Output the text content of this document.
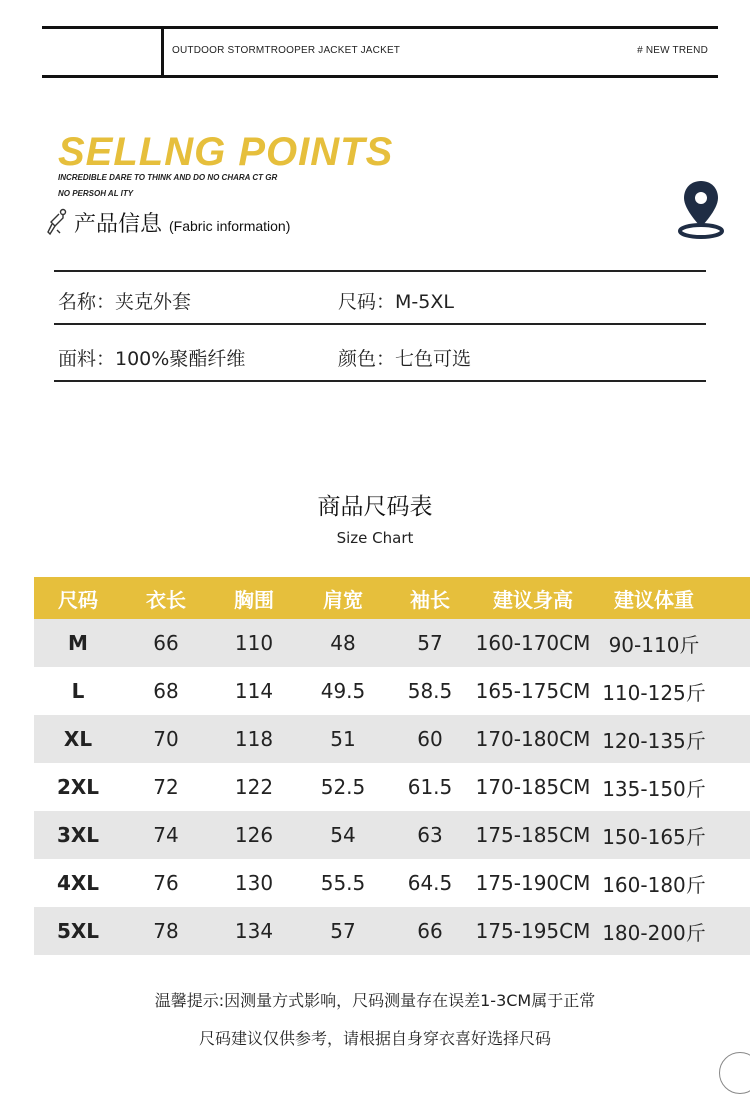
OUTDOOR STORMTROOPER JACKET JACKET	# NEW TREND
SELLNG POINTS
INCREDIBLE DARE TO THINK AND DO NO CHARA CT GR
NO PERSOH AL ITY
产品信息 (Fabric information)
名称：夹克外套	尺码：M-5XL
面料：100%聚酯纤维	颜色：七色可选
商品尺码表
Size Chart
尺码	衣长	胸围	肩宽	袖长	建议身高	建议体重
M	66	110	48	57	160-170CM 90-110斤
L	68	114	49.5	58.5	165-175CM 110-125斤
XL	70	118	51	60	170-180CM 120-135斤
2XL	72	122	52.5	61.5	170-185CM 135-150斤
3XL	74	126	54	63	175-185CM 150-165斤
4XL	76	130	55.5	64.5	175-190CM 160-180斤
5XL	78	134	57	66	175-195CM 180-200斤
温馨提示:因测量方式影响，尺码测量存在误差1-3CM属于正常
尺码建议仅供参考，请根据自身穿衣喜好选择尺码
